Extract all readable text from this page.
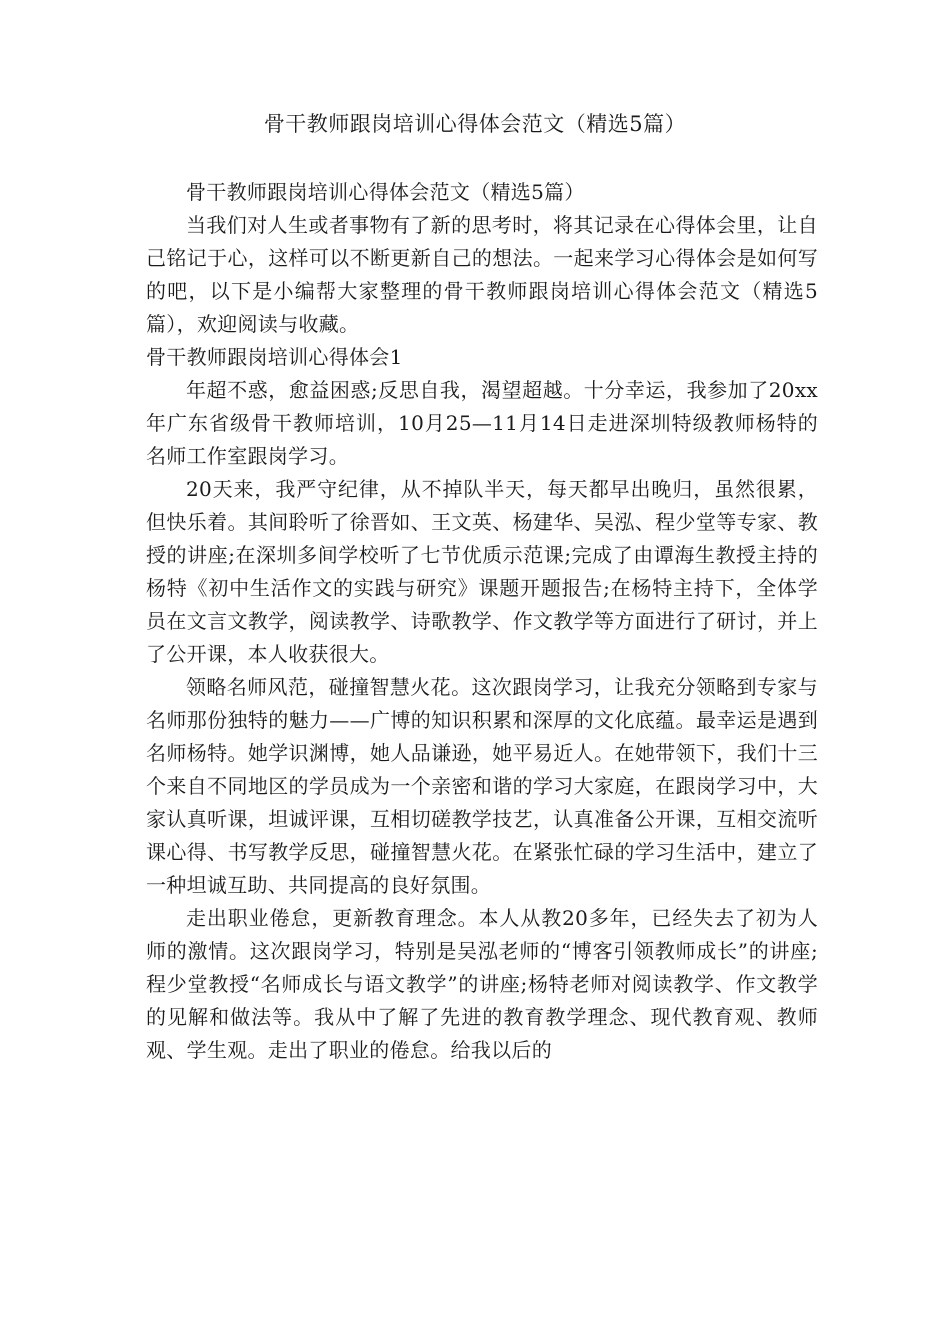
骨干教师跟岗培训心得体会范文（精选5篇）

骨干教师跟岗培训心得体会范文（精选5篇）

当我们对人生或者事物有了新的思考时，将其记录在心得体会里，让自己铭记于心，这样可以不断更新自己的想法。一起来学习心得体会是如何写的吧，以下是小编帮大家整理的骨干教师跟岗培训心得体会范文（精选5篇），欢迎阅读与收藏。

骨干教师跟岗培训心得体会1

年超不惑，愈益困惑;反思自我，渴望超越。十分幸运，我参加了20xx年广东省级骨干教师培训，10月25—11月14日走进深圳特级教师杨特的名师工作室跟岗学习。

20天来，我严守纪律，从不掉队半天，每天都早出晚归，虽然很累，但快乐着。其间聆听了徐晋如、王文英、杨建华、吴泓、程少堂等专家、教授的讲座;在深圳多间学校听了七节优质示范课;完成了由谭海生教授主持的杨特《初中生活作文的实践与研究》课题开题报告;在杨特主持下，全体学员在文言文教学，阅读教学、诗歌教学、作文教学等方面进行了研讨，并上了公开课，本人收获很大。

领略名师风范，碰撞智慧火花。这次跟岗学习，让我充分领略到专家与名师那份独特的魅力——广博的知识积累和深厚的文化底蕴。最幸运是遇到名师杨特。她学识渊博，她人品谦逊，她平易近人。在她带领下，我们十三个来自不同地区的学员成为一个亲密和谐的学习大家庭，在跟岗学习中，大家认真听课，坦诚评课，互相切磋教学技艺，认真准备公开课，互相交流听课心得、书写教学反思，碰撞智慧火花。在紧张忙碌的学习生活中，建立了一种坦诚互助、共同提高的良好氛围。

走出职业倦怠，更新教育理念。本人从教20多年，已经失去了初为人师的激情。这次跟岗学习，特别是吴泓老师的“博客引领教师成长”的讲座;程少堂教授“名师成长与语文教学”的讲座;杨特老师对阅读教学、作文教学的见解和做法等。我从中了解了先进的教育教学理念、现代教育观、教师观、学生观。走出了职业的倦怠。给我以后的
